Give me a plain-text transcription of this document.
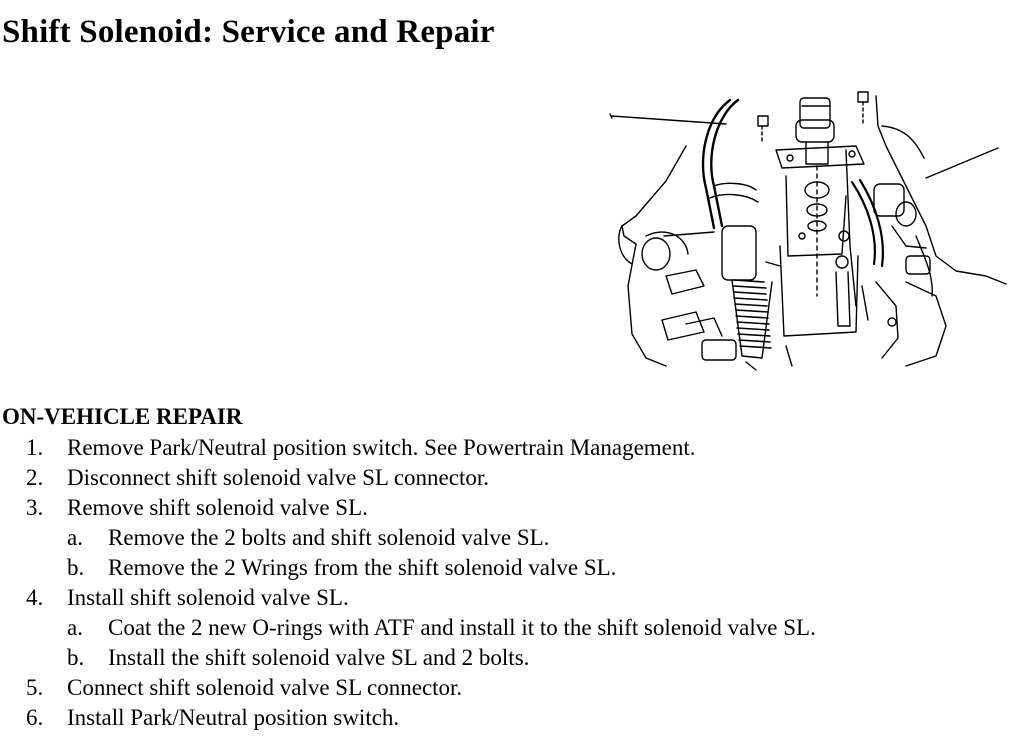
Shift Solenoid: Service and Repair
ON-VEHICLE REPAIR
1. Remove Park/Neutral position switch. See Powertrain Management.
2. Disconnect shift solenoid valve SL connector.
3. Remove shift solenoid valve SL.
a. Remove the 2 bolts and shift solenoid valve SL.
b. Remove the 2 Wrings from the shift solenoid valve SL.
4. Install shift solenoid valve SL.
a. Coat the 2 new O-rings with ATF and install it to the shift solenoid valve SL.
b. Install the shift solenoid valve SL and 2 bolts.
5. Connect shift solenoid valve SL connector.
6. Install Park/Neutral position switch.
